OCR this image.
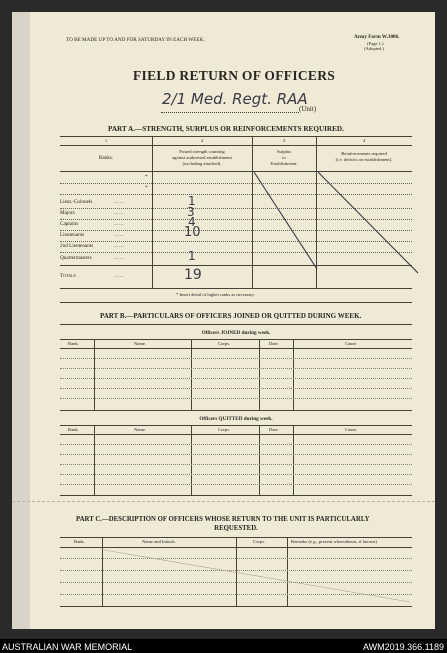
TO BE MADE UP TO AND FOR SATURDAY IN EACH WEEK.	Army Form W.3006.
(Page 1.)
(Adopted.)
FIELD RETURN OF OFFICERS
2/1 Med. Regt. RAA
(Unit)
PART A.—STRENGTH, SURPLUS OR REINFORCEMENTS REQUIRED.
1	2	3	4
Ranks.
Posted strength counting
against authorised establishment
(excluding attached).
Surplus
to
Establishment.
Reinforcements required
(i.e. deficits on establishment).
*
*
Lieut.-Colonels	... ...	1
Majors	... ...	3
Captains	... ...	4
Lieutenants	... ...	10
2nd Lieutenants	... ...
Quartermasters	... ...	1
Totals	... ...	19
* Insert detail of higher ranks as necessary.
PART B.—PARTICULARS OF OFFICERS JOINED OR QUITTED DURING WEEK.
Officers JOINED during week.
Rank.	Name.	Corps.	Date.	Cause.
Officers QUITTED during week.
Rank.	Name.	Corps.	Date.	Cause.
PART C.—DESCRIPTION OF OFFICERS WHOSE RETURN TO THE UNIT IS PARTICULARLY
REQUESTED.
Rank.	Name and Initials.	Corps.	Remarks (e.g., present whereabouts, if known)
AUSTRALIAN WAR MEMORIAL	AWM2019.366.1189
